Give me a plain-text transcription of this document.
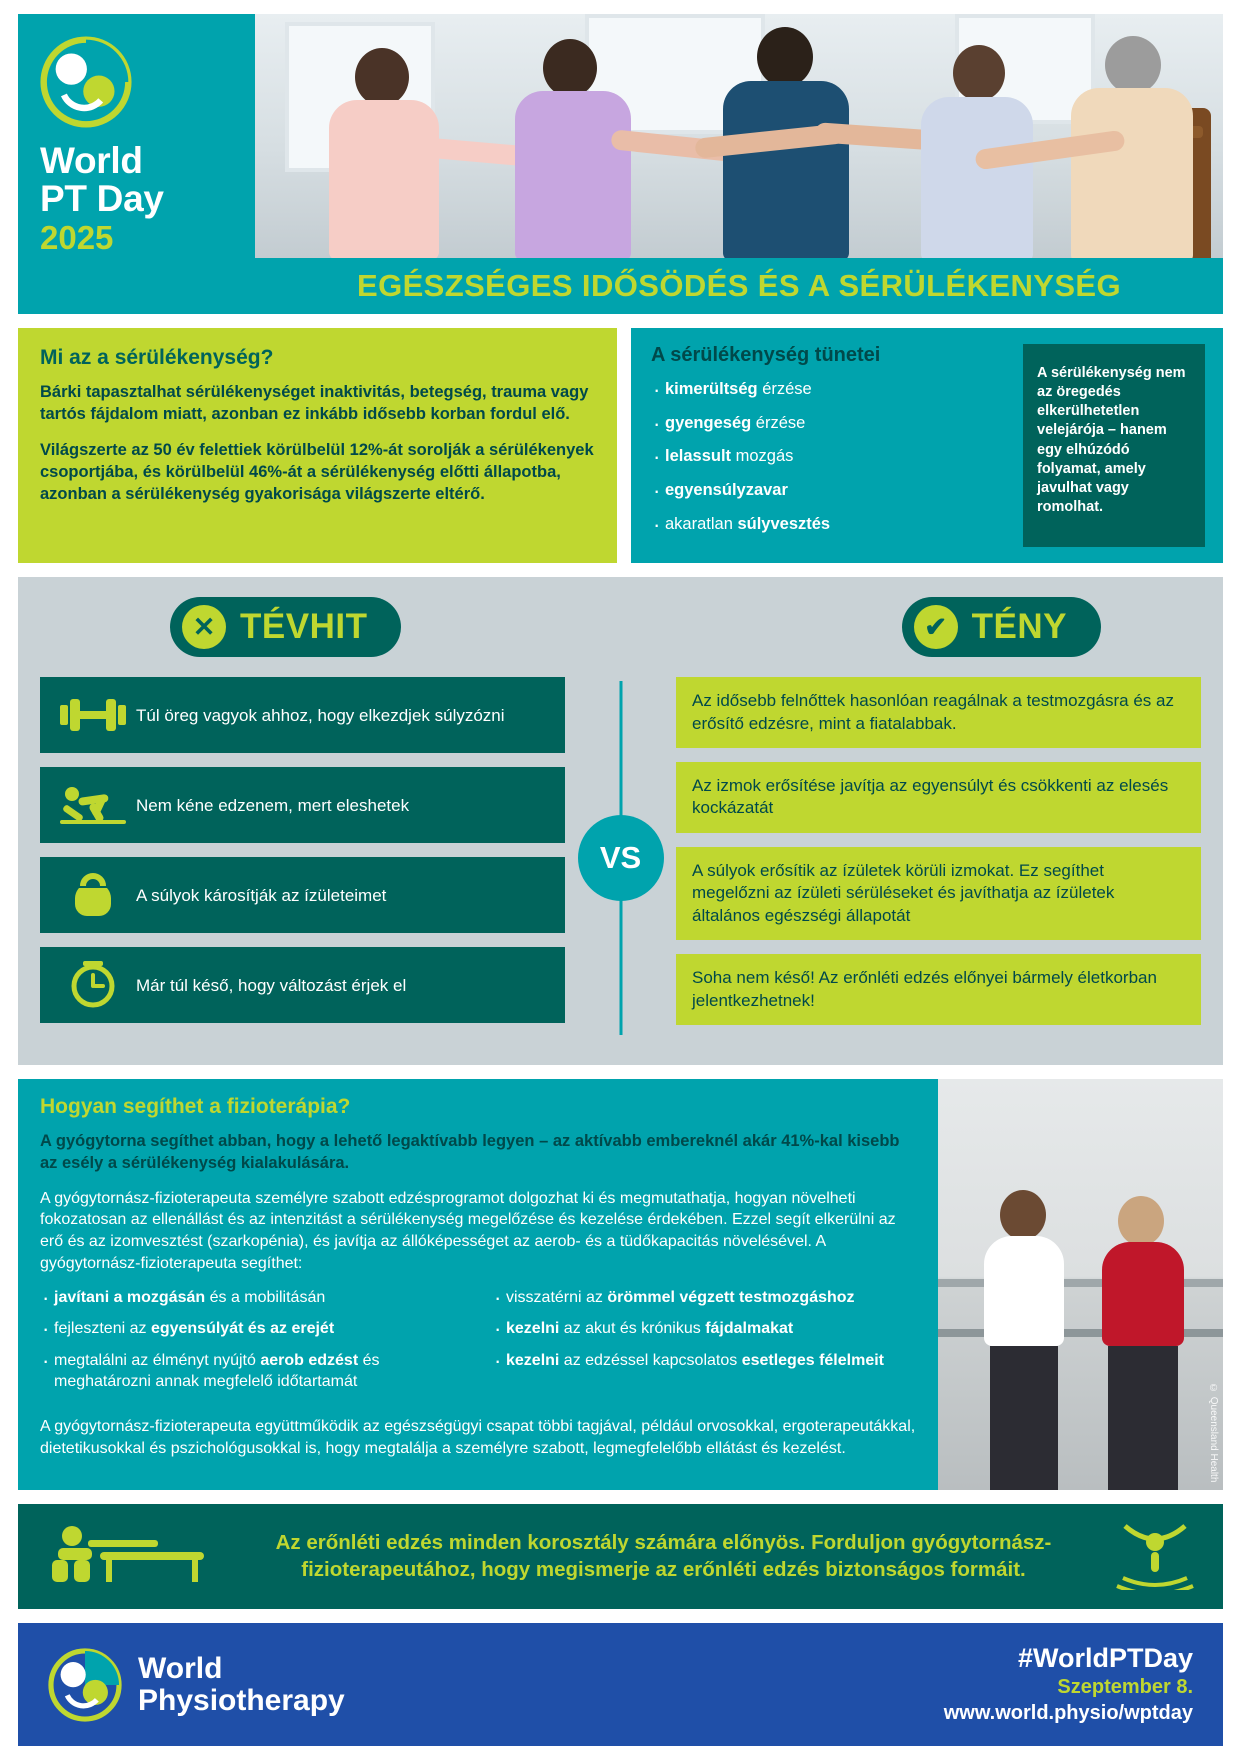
World
PT Day
2025
EGÉSZSÉGES IDŐSÖDÉS ÉS A SÉRÜLÉKENYSÉG
Mi az a sérülékenység?

Bárki tapasztalhat sérülékenységet inaktivitás, betegség, trauma vagy tartós fájdalom miatt, azonban ez inkább idősebb korban fordul elő.

Világszerte az 50 év felettiek körülbelül 12%-át sorolják a sérülékenyek csoportjába, és körülbelül 46%-át a sérülékenység előtti állapotba, azonban a sérülékenység gyakorisága világszerte eltérő.

A sérülékenység tünetei
· kimerültség érzése
· gyengeség érzése
· lelassult mozgás
· egyensúlyzavar
· akaratlan súlyvesztés
A sérülékenység nem az öregedés elkerülhetetlen velejárója – hanem egy elhúzódó folyamat, amely javulhat vagy romolhat.
✕ TÉVHIT	✔ TÉNY
Túl öreg vagyok ahhoz, hogy elkezdjek súlyzózni
Nem kéne edzenem, mert eleshetek
A súlyok károsítják az ízületeimet
Már túl késő, hogy változást érjek el
VS
Az idősebb felnőttek hasonlóan reagálnak a testmozgásra és az erősítő edzésre, mint a fiatalabbak.
Az izmok erősítése javítja az egyensúlyt és csökkenti az elesés kockázatát
A súlyok erősítik az ízületek körüli izmokat. Ez segíthet megelőzni az ízületi sérüléseket és javíthatja az ízületek általános egészségi állapotát
Soha nem késő! Az erőnléti edzés előnyei bármely életkorban jelentkezhetnek!
Hogyan segíthet a fizioterápia?

A gyógytorna segíthet abban, hogy a lehető legaktívabb legyen – az aktívabb embereknél akár 41%-kal kisebb az esély a sérülékenység kialakulására.

A gyógytornász-fizioterapeuta személyre szabott edzésprogramot dolgozhat ki és megmutathatja, hogyan növelheti fokozatosan az ellenállást és az intenzitást a sérülékenység megelőzése és kezelése érdekében. Ezzel segít elkerülni az erő és az izomvesztést (szarkopénia), és javítja az állóképességet az aerob- és a tüdőkapacitás növelésével. A gyógytornász-fizioterapeuta segíthet:

· javítani a mozgásán és a mobilitásán
· fejleszteni az egyensúlyát és az erejét
· megtalálni az élményt nyújtó aerob edzést és meghatározni annak megfelelő időtartamát
· visszatérni az örömmel végzett testmozgáshoz
· kezelni az akut és krónikus fájdalmakat
· kezelni az edzéssel kapcsolatos esetleges félelmeit

A gyógytornász-fizioterapeuta együttműködik az egészségügyi csapat többi tagjával, például orvosokkal, ergoterapeutákkal, dietetikusokkal és pszichológusokkal is, hogy megtalálja a személyre szabott, legmegfelelőbb ellátást és kezelést.	© Queensland Health
Az erőnléti edzés minden korosztály számára előnyös. Forduljon gyógytornász-fizioterapeutához, hogy megismerje az erőnléti edzés biztonságos formáit.
World
Physiotherapy
#WorldPTDay
Szeptember 8.
www.world.physio/wptday
